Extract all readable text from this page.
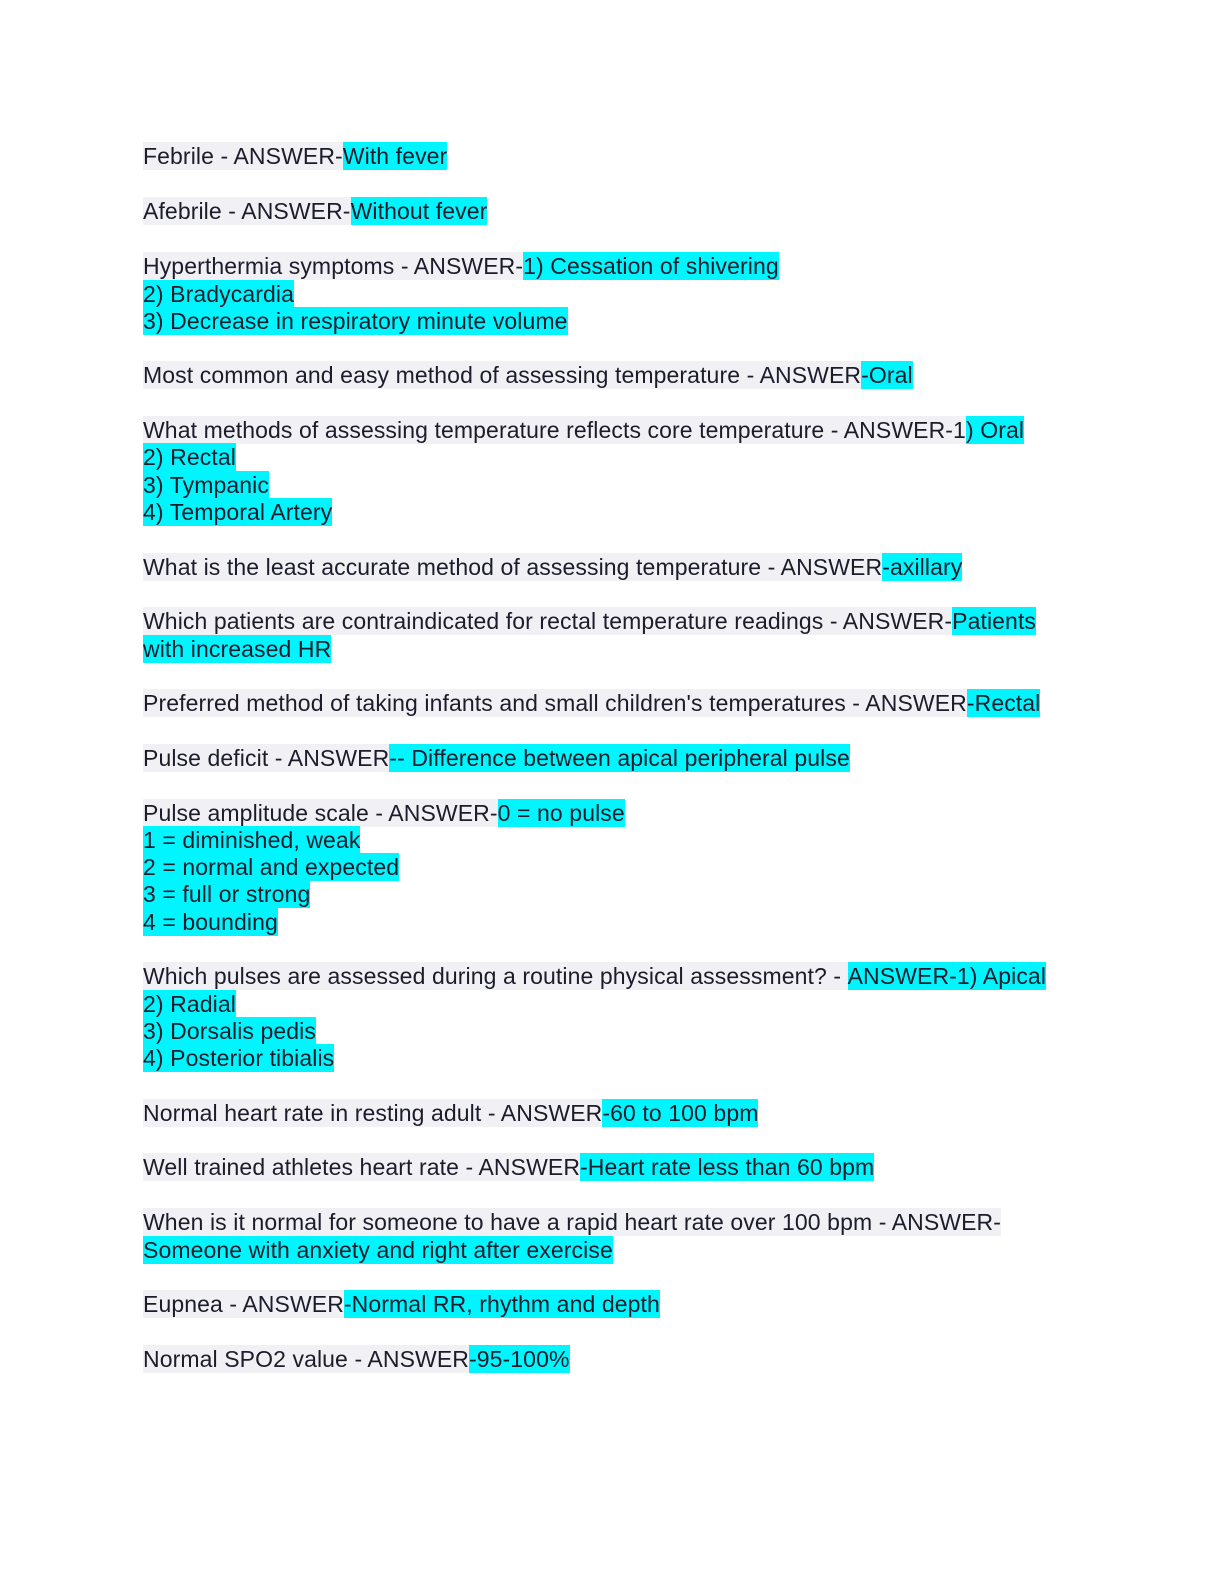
Febrile - ANSWER-With fever
Afebrile - ANSWER-Without fever
Hyperthermia symptoms - ANSWER-1) Cessation of shivering
2) Bradycardia
3) Decrease in respiratory minute volume
Most common and easy method of assessing temperature - ANSWER-Oral
What methods of assessing temperature reflects core temperature - ANSWER-1) Oral
2) Rectal
3) Tympanic
4) Temporal Artery
What is the least accurate method of assessing temperature - ANSWER-axillary
Which patients are contraindicated for rectal temperature readings - ANSWER-Patients
with increased HR
Preferred method of taking infants and small children's temperatures - ANSWER-Rectal
Pulse deficit - ANSWER-- Difference between apical peripheral pulse
Pulse amplitude scale - ANSWER-0 = no pulse
1 = diminished, weak
2 = normal and expected
3 = full or strong
4 = bounding
Which pulses are assessed during a routine physical assessment? - ANSWER-1) Apical
2) Radial
3) Dorsalis pedis
4) Posterior tibialis
Normal heart rate in resting adult - ANSWER-60 to 100 bpm
Well trained athletes heart rate - ANSWER-Heart rate less than 60 bpm
When is it normal for someone to have a rapid heart rate over 100 bpm - ANSWER-
Someone with anxiety and right after exercise
Eupnea - ANSWER-Normal RR, rhythm and depth
Normal SPO2 value - ANSWER-95-100%
